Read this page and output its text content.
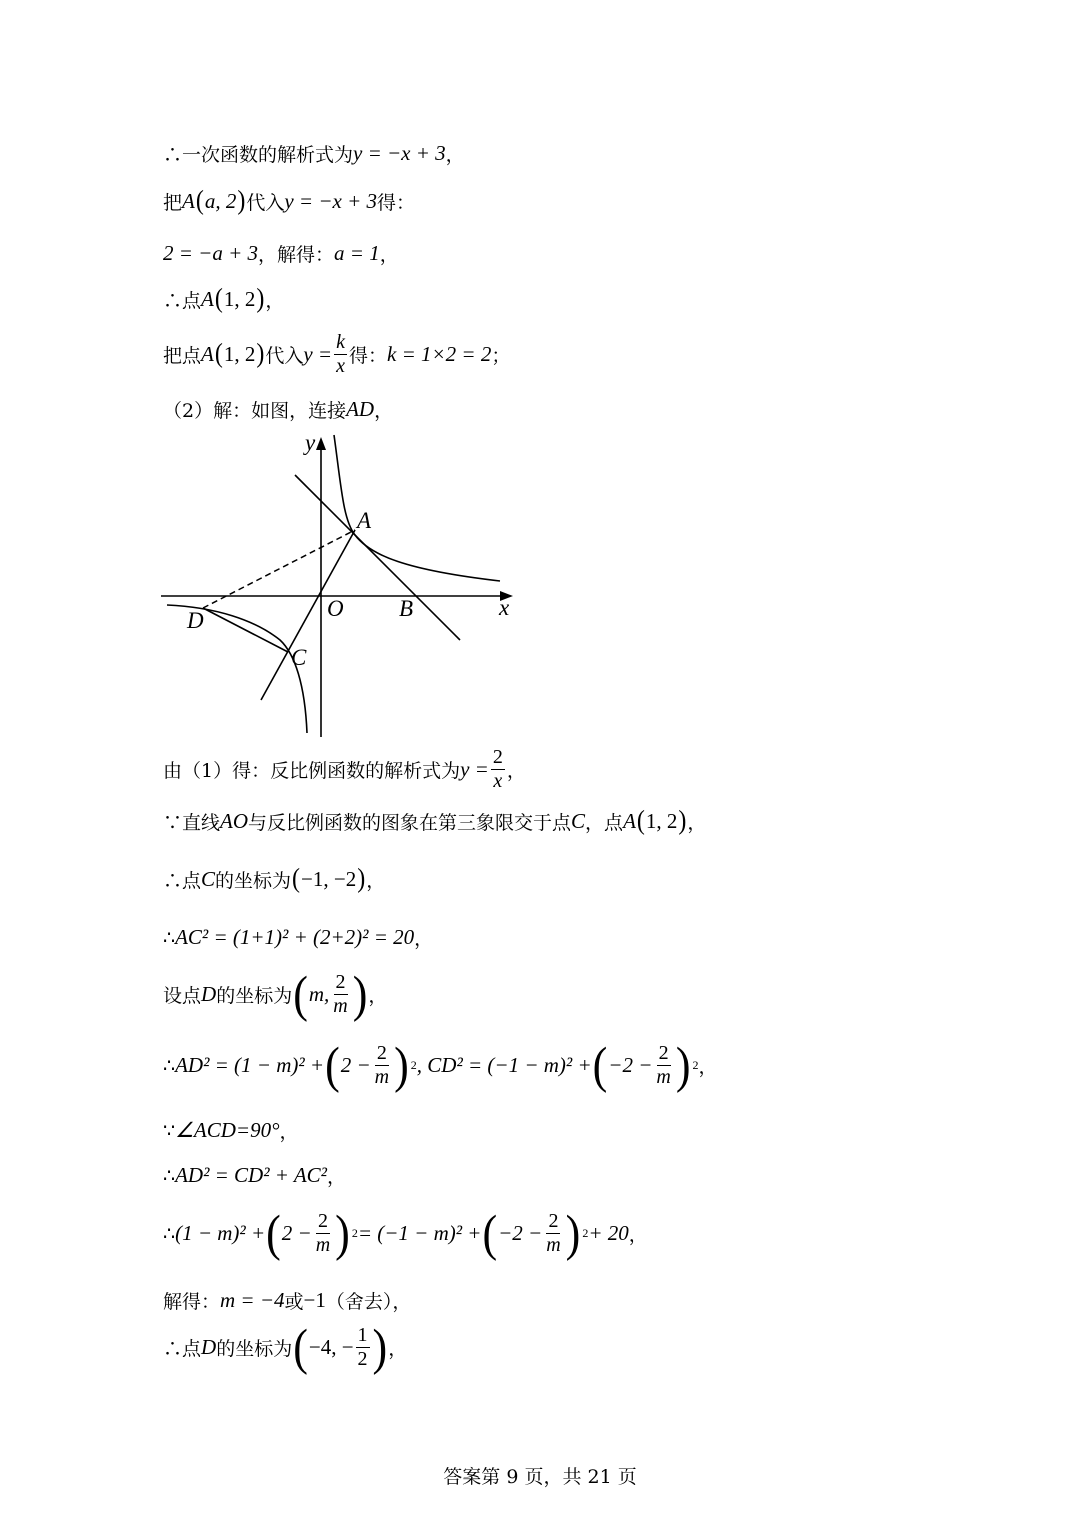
∴一次函数的解析式为 y = −x + 3 ，
把 A ( a, 2 ) 代入 y = −x + 3 得：
2 = −a + 3 ，解得： a = 1 ，
∴点 A ( 1, 2 ) ，
把点 A ( 1, 2 ) 代入 $y = \frac{k}{x}$ 得： k = 1×2 = 2 ；
（2）解：如图，连接 AD ，
y
x
A
O B
D
C
由（1）得：反比例函数的解析式为 $y = \frac{2}{x}$ ，
∵直线 AO 与反比例函数的图象在第三象限交于点 C ，点 A ( 1, 2 ) ，
∴点 C 的坐标为 ( −1, −2 ) ，
∴ AC² = (1+1)² + (2+2)² = 20 ，
设点 D 的坐标为 ( m, $\frac{2}{m}$ ) ，
∴ AD² = (1 − m)² + ( $2 - \frac{2}{m}$ ) 2 , CD² = (−1 − m)² + ( $-2 - \frac{2}{m}$ ) 2 ，
∵ ∠ACD=90° ，
∴ AD² = CD² + AC² ，
∴ (1 − m)² + ( $2 - \frac{2}{m}$ ) 2 = (−1 − m)² + ( $-2 - \frac{2}{m}$ ) 2 + 20 ，
解得： m = −4 或 −1 （舍去），
∴点 D 的坐标为 ( −4, − $\frac{1}{2}$ ) ，
答案第 9 页，共 21 页
